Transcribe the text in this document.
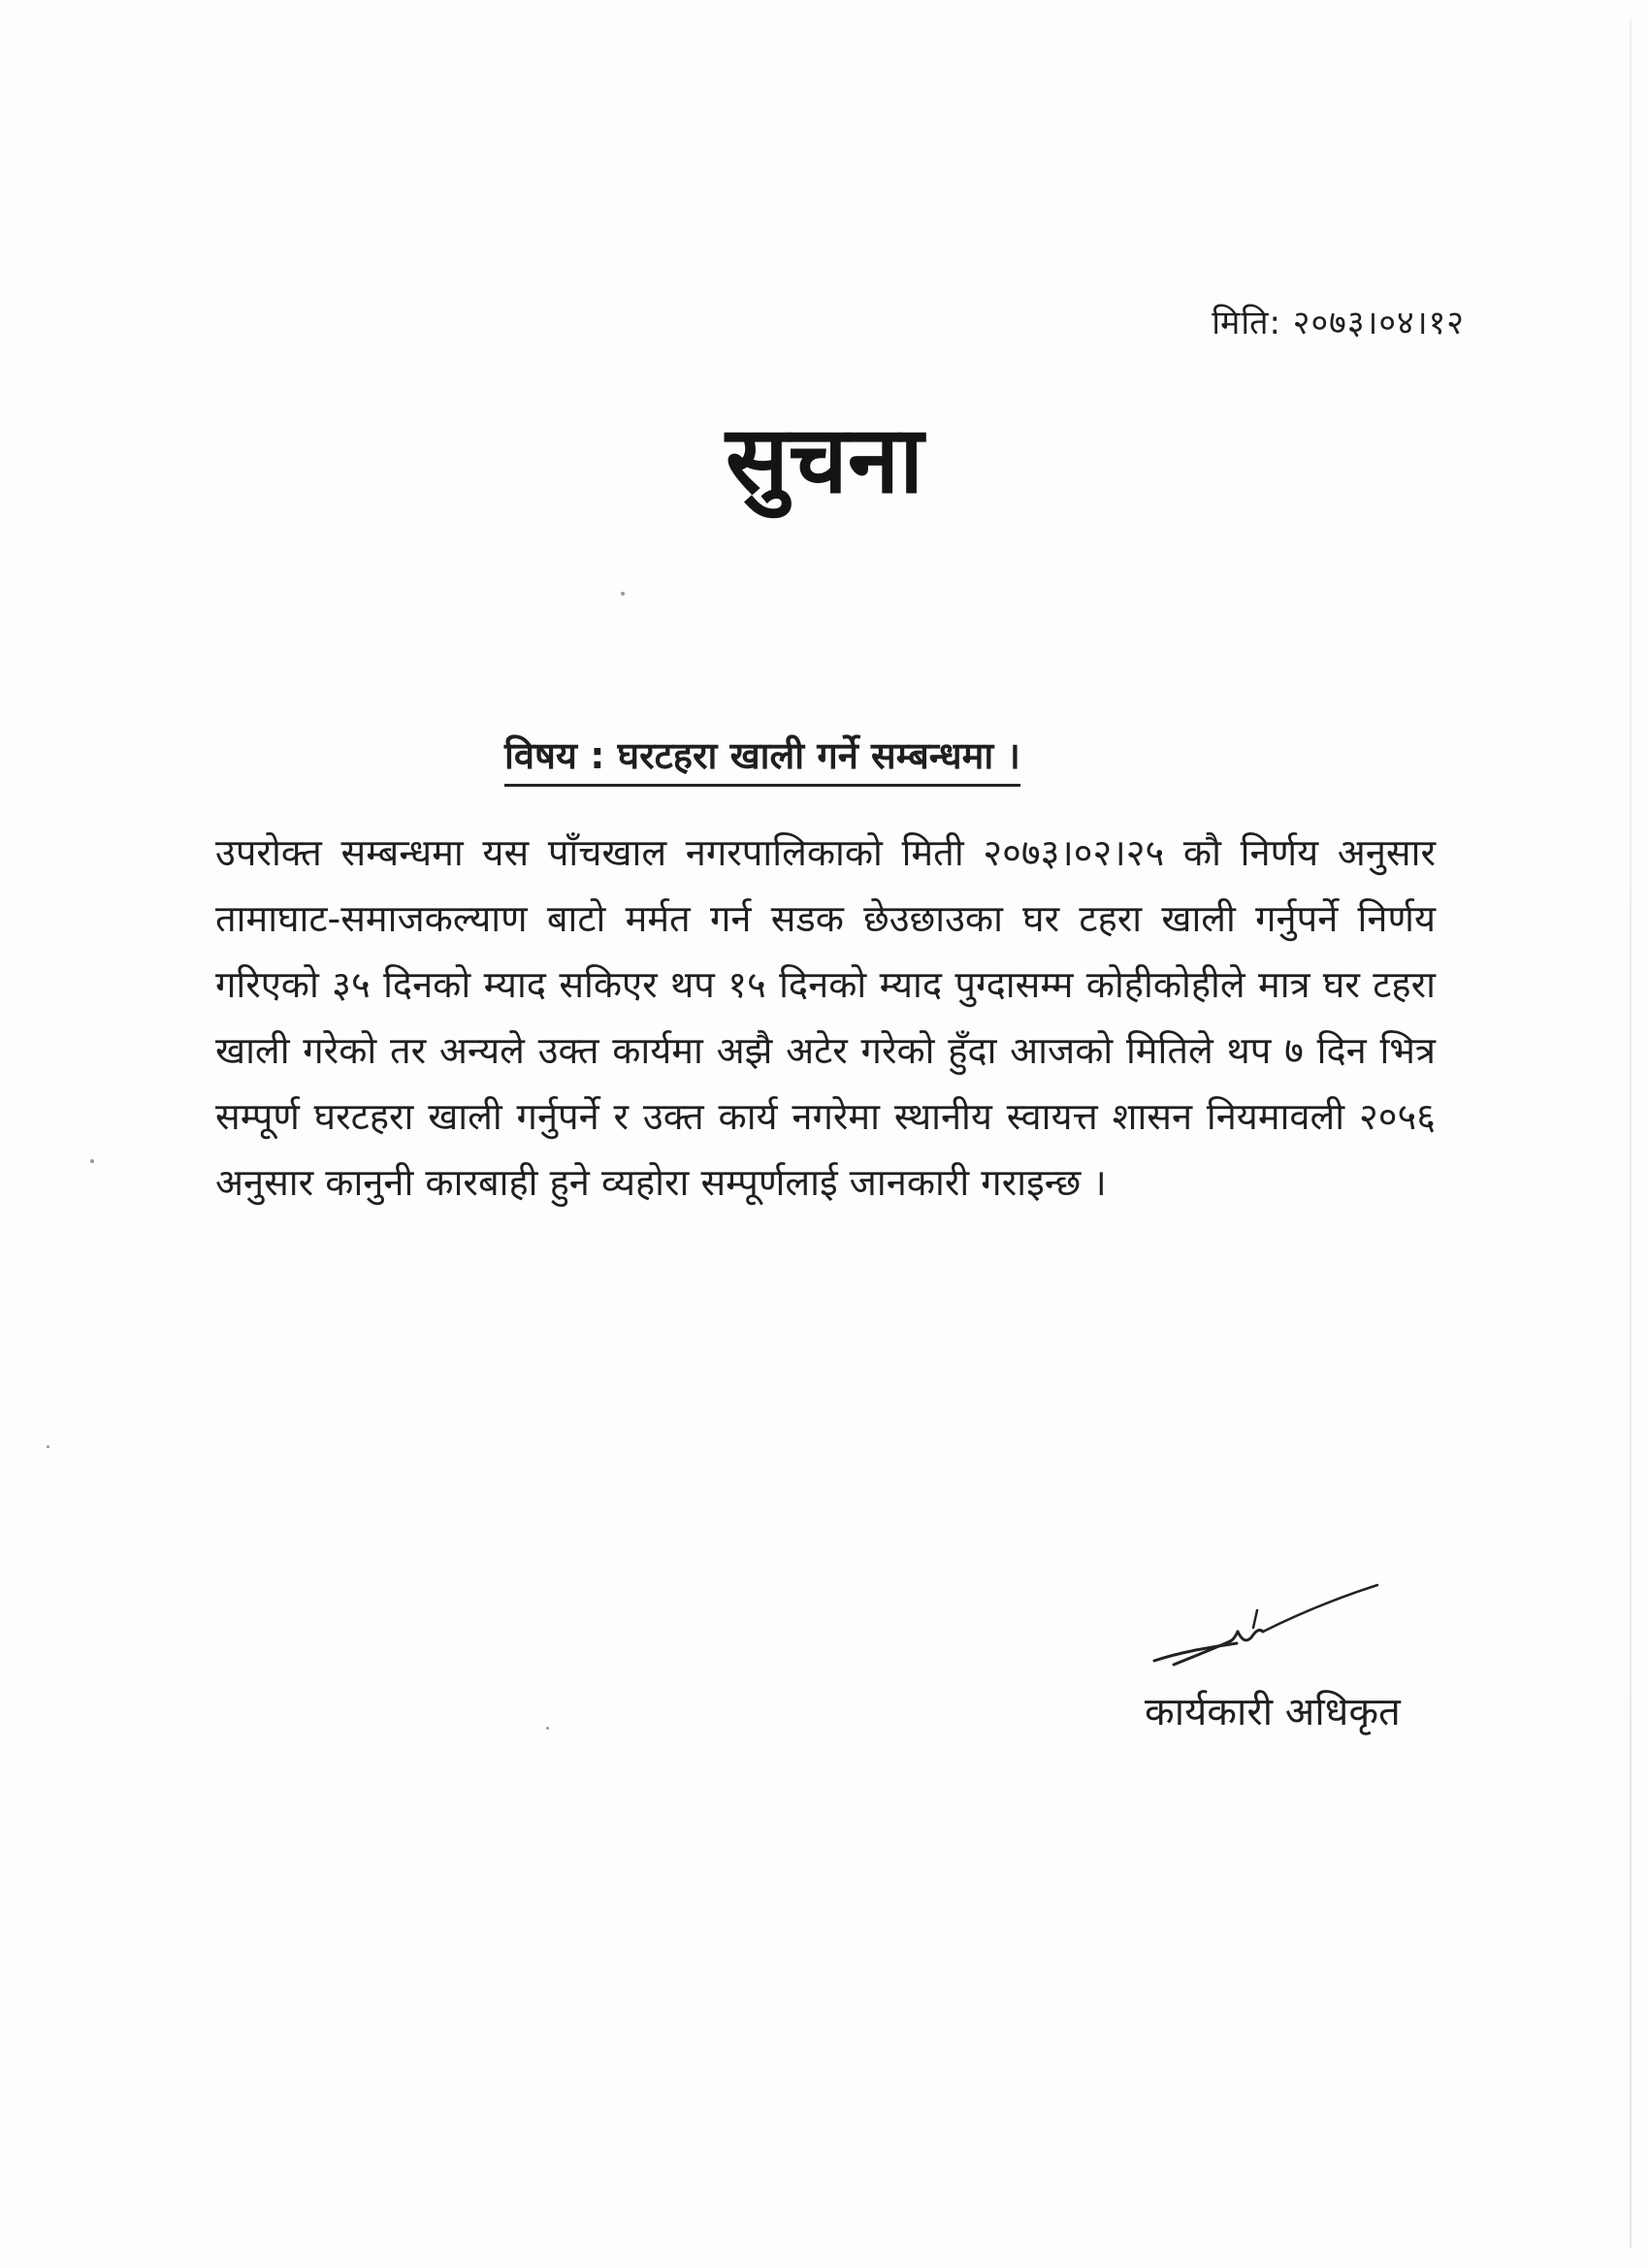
मिति: २०७३।०४।१२
सुचना
विषय : घरटहरा खाली गर्ने सम्बन्धमा ।
उपरोक्त सम्बन्धमा यस पाँचखाल नगरपालिकाको मिती २०७३।०२।२५ कौ निर्णय अनुसार तामाघाट-समाजकल्याण बाटो मर्मत गर्न सडक छेउछाउका घर टहरा खाली गर्नुपर्ने निर्णय गरिएको ३५ दिनको म्याद सकिएर थप १५ दिनको म्याद पुग्दासम्म कोहीकोहीले मात्र घर टहरा खाली गरेको तर अन्यले उक्त कार्यमा अझै अटेर गरेको हुँदा आजको मितिले थप ७ दिन भित्र सम्पूर्ण घरटहरा खाली गर्नुपर्ने र उक्त कार्य नगरेमा स्थानीय स्वायत्त शासन नियमावली २०५६ अनुसार कानुनी कारबाही हुने व्यहोरा सम्पूर्णलाई जानकारी गराइन्छ ।
कार्यकारी अधिकृत
